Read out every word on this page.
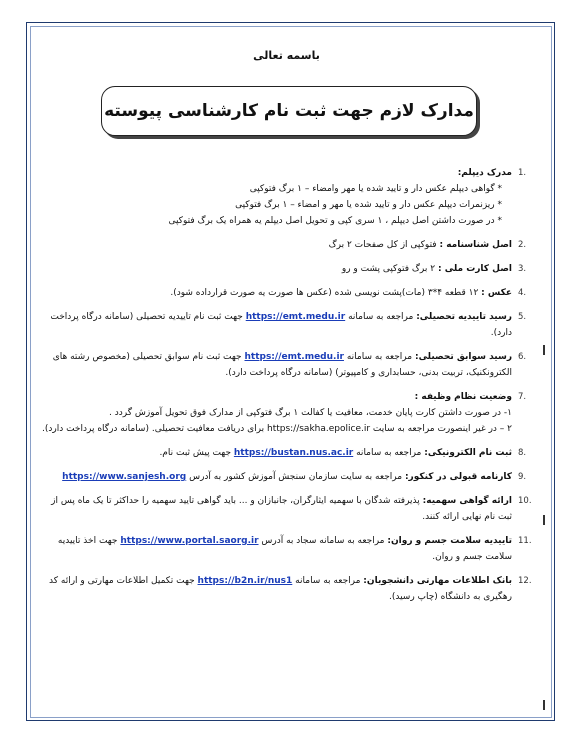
باسمه تعالی
مدارک لازم جهت ثبت نام کارشناسی پیوسته
.1
مدرک دیپلم:
* گواهی دیپلم عکس دار و تایید شده یا مهر وامضاء – ۱ برگ فتوکپی
* ریزنمرات دیپلم عکس دار و تایید شده یا مهر و امضاء – ۱ برگ فتوکپی
* در صورت داشتن اصل دیپلم ، ۱ سری کپی و تحویل اصل دیپلم یه همراه یک برگ فتوکپی
.2
اصل شناسنامه : فتوکپی از کل صفحات ۲ برگ
.3
اصل کارت ملی : ۲ برگ فتوکپی پشت و رو
.4
عکس : ۱۲ قطعه ۴*۳ (مات)پشت نویسی شده (عکس ها صورت یه صورت قرارداده شود).
.5
رسید تاییدیه تحصیلی: مراجعه به سامانه https://emt.medu.ir جهت ثبت نام تاییدیه تحصیلی (سامانه درگاه پرداخت دارد).
.6
رسید سوابق تحصیلی: مراجعه به سامانه https://emt.medu.ir جهت ثبت نام سوابق تحصیلی (مخصوص رشته های الکترونکنیک، تربیت بدنی، حسابداری و کامپیوتر) (سامانه درگاه پرداخت دارد).
.7
وضعیت نظام وظیفه :
۱- در صورت داشتن کارت پایان خدمت، معافیت یا کفالت ۱ برگ فتوکپی از مدارک فوق تحویل آموزش گردد .
۲ – در غیر اینصورت مراجعه به سایت https://sakha.epolice.ir برای دریافت معافیت تحصیلی. (سامانه درگاه پرداخت دارد).
.8
ثبت نام الکترونیکی: مراجعه به سامانه https://bustan.nus.ac.ir جهت پیش ثبت نام.
.9
کارنامه قبولی در کنکور: مراجعه به سایت سازمان سنجش آموزش کشور به آدرس https://www.sanjesh.org
.10
ارائه گواهی سهمیه: پذیرفته شدگان با سهمیه ایثارگران، جانبازان و ... باید گواهی تایید سهمیه را حداکثر تا یک ماه پس از ثبت نام نهایی ارائه کنند.
.11
تاییدیه سلامت جسم و روان: مراجعه به سامانه سجاد به آدرس https://www.portal.saorg.ir جهت اخذ تاییدیه سلامت جسم و روان.
.12
بانک اطلاعات مهارتی دانشجویان: مراجعه به سامانه https://b2n.ir/nus1 جهت تکمیل اطلاعات مهارتی و ارائه کد رهگیری به دانشگاه (چاپ رسید).
